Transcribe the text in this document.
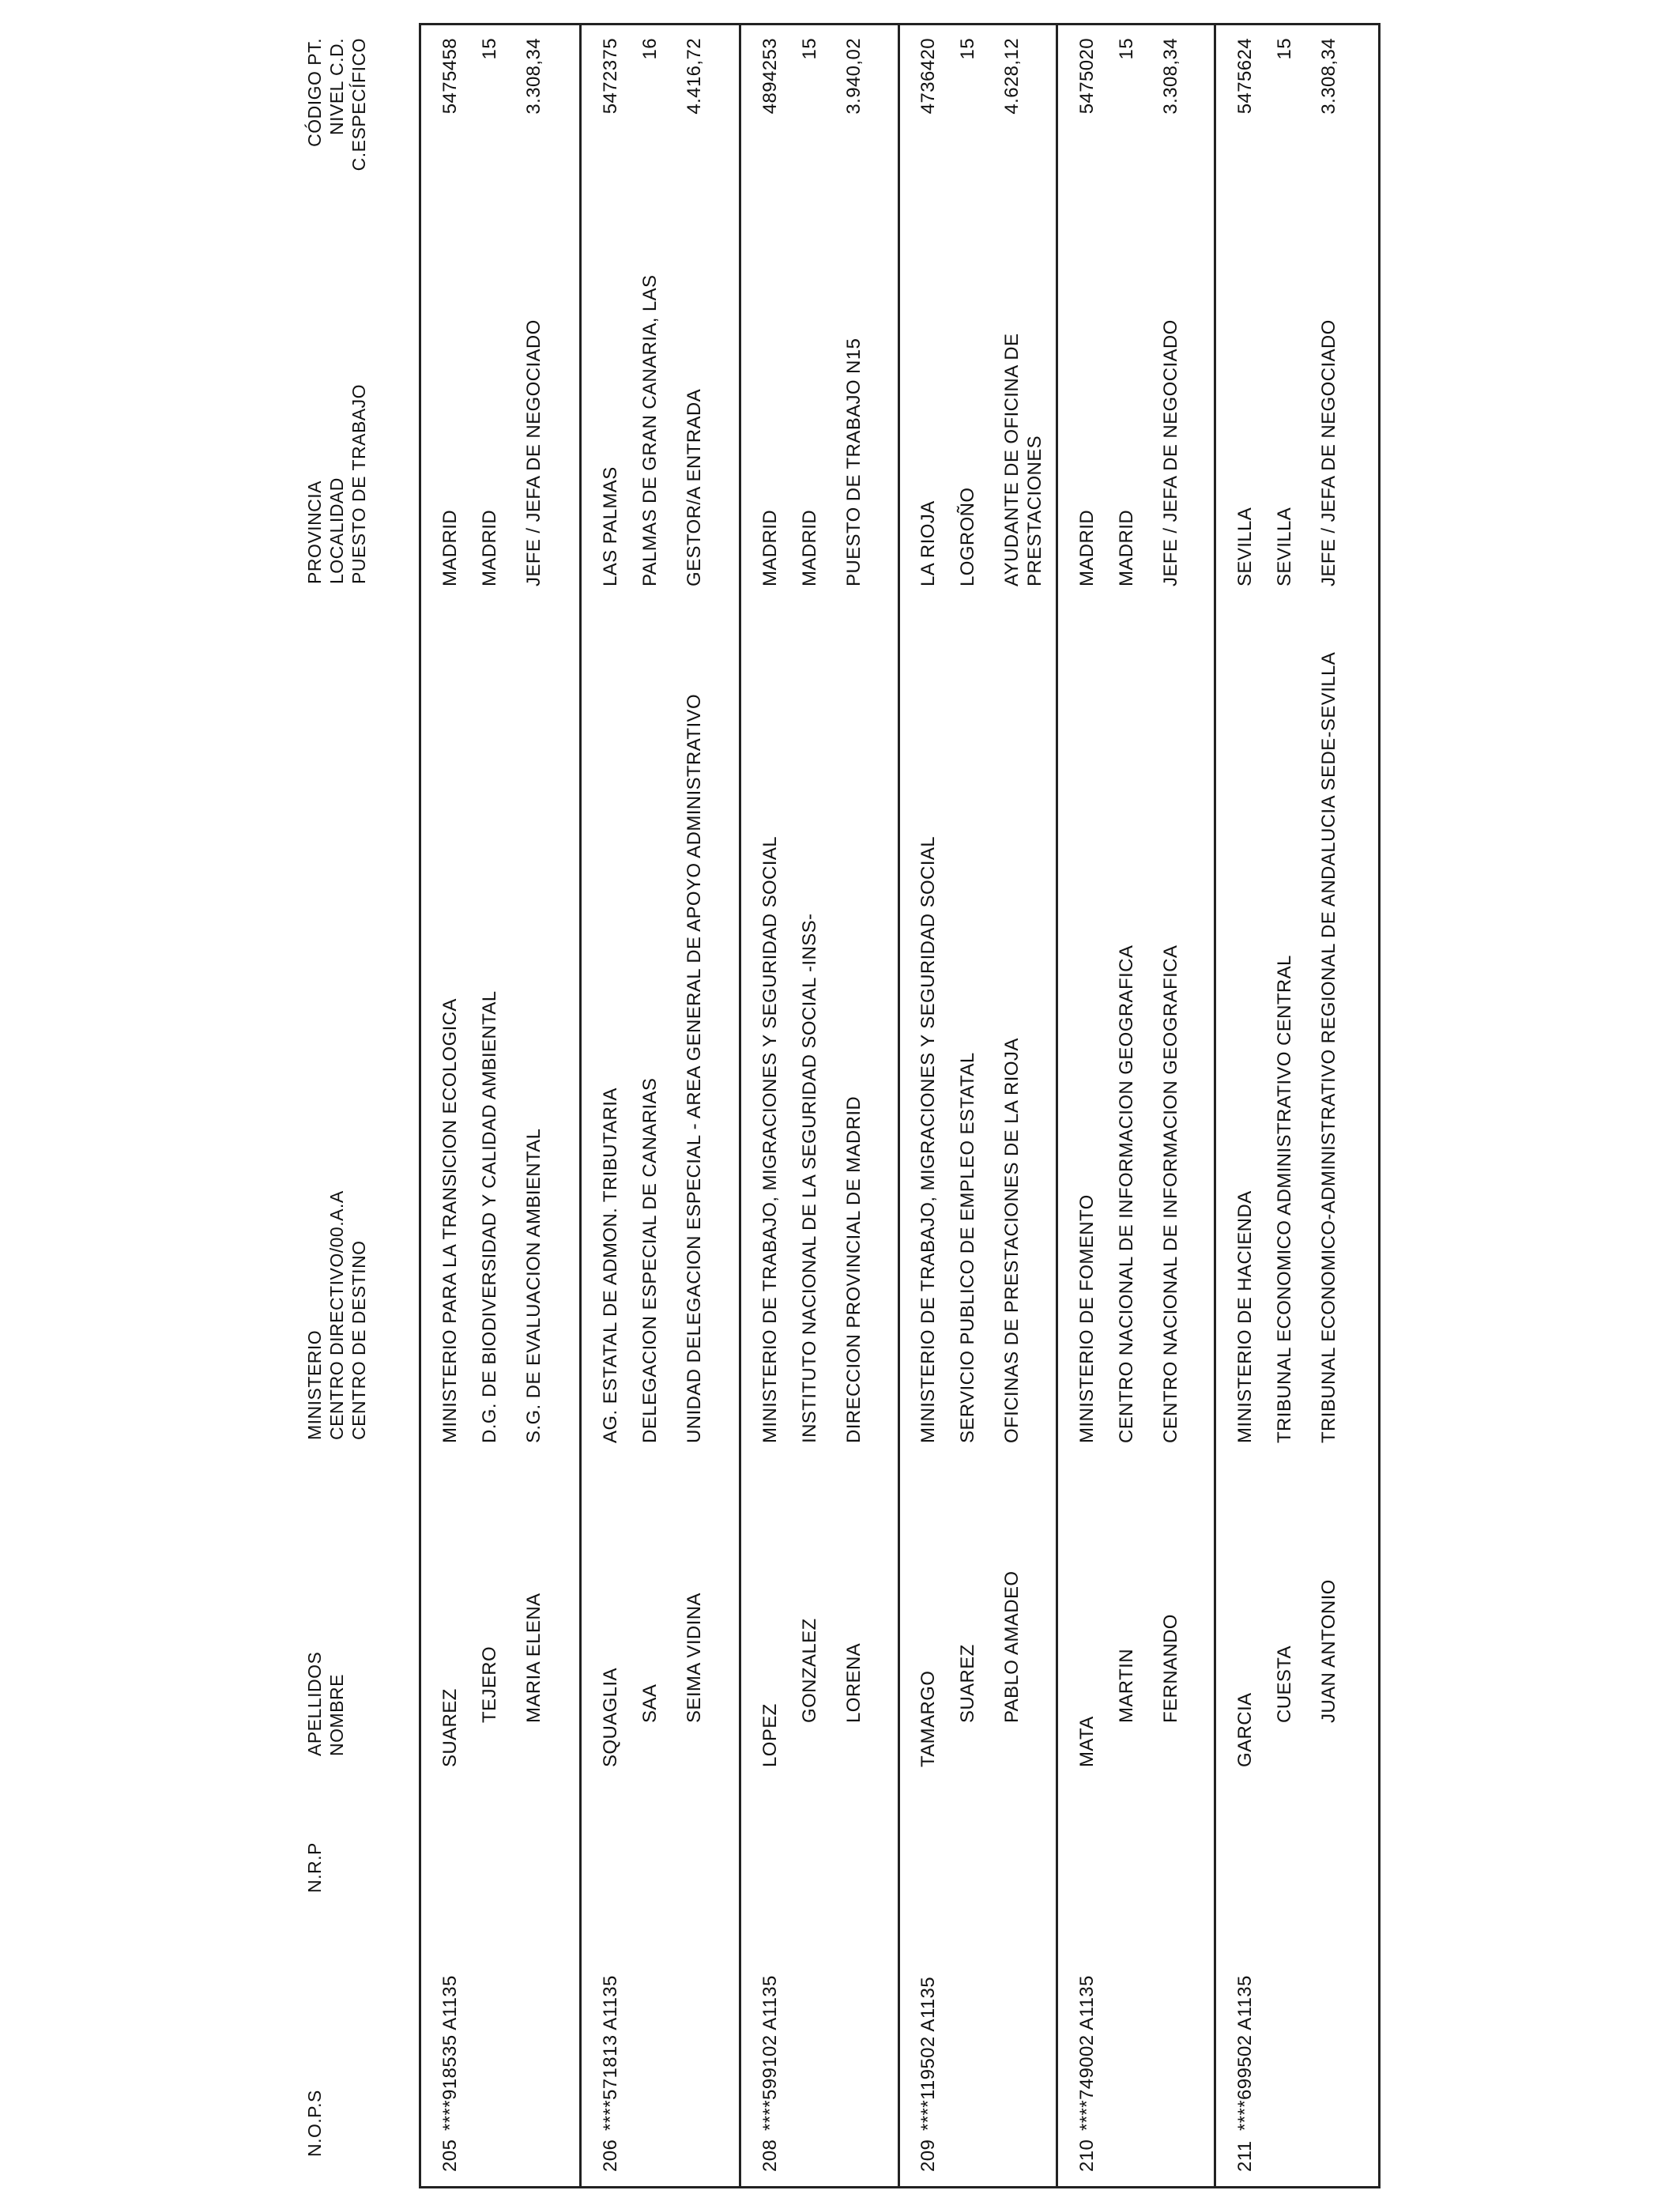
N.O.P.S
N.R.P
APELLIDOS NOMBRE
MINISTERIO CENTRO DIRECTIVO/00.A.A CENTRO DE DESTINO
PROVINCIA LOCALIDAD PUESTO DE TRABAJO
CÓDIGO PT. NIVEL C.D. C.ESPECÍFICO
205
****918535 A1135
SUAREZ
TEJERO MARIA ELENA
MINISTERIO PARA LA TRANSICION ECOLOGICA D.G. DE BIODIVERSIDAD Y CALIDAD AMBIENTAL S.G. DE EVALUACION AMBIENTAL
MADRID MADRID JEFE / JEFA DE NEGOCIADO
5475458 15 3.308,34
206
****571813 A1135
SQUAGLIA SAA SEIMA VIDINA
AG. ESTATAL DE ADMON. TRIBUTARIA DELEGACION ESPECIAL DE CANARIAS UNIDAD DELEGACION ESPECIAL - AREA GENERAL DE APOYO ADMINISTRATIVO
LAS PALMAS PALMAS DE GRAN CANARIA, LAS GESTOR/A ENTRADA
5472375 16 4.416,72
208
****599102 A1135
LOPEZ
GONZALEZ LORENA
MINISTERIO DE TRABAJO, MIGRACIONES Y SEGURIDAD SOCIAL INSTITUTO NACIONAL DE LA SEGURIDAD SOCIAL -INSS- DIRECCION PROVINCIAL DE MADRID
MADRID MADRID PUESTO DE TRABAJO N15
4894253 15 3.940,02
209
****119502 A1135
TAMARGO SUAREZ PABLO AMADEO
MINISTERIO DE TRABAJO, MIGRACIONES Y SEGURIDAD SOCIAL SERVICIO PUBLICO DE EMPLEO ESTATAL OFICINAS DE PRESTACIONES DE LA RIOJA
LA RIOJA LOGROÑO AYUDANTE DE OFICINA DE PRESTACIONES
4736420 15 4.628,12
210
****749002 A1135
MATA
MARTIN FERNANDO
MINISTERIO DE FOMENTO CENTRO NACIONAL DE INFORMACION GEOGRAFICA CENTRO NACIONAL DE INFORMACION GEOGRAFICA
MADRID MADRID JEFE / JEFA DE NEGOCIADO
5475020 15 3.308,34
211
****699502 A1135
GARCIA
CUESTA JUAN ANTONIO
MINISTERIO DE HACIENDA TRIBUNAL ECONOMICO ADMINISTRATIVO CENTRAL TRIBUNAL ECONOMICO-ADMINISTRATIVO REGIONAL DE ANDALUCIA SEDE-SEVILLA
SEVILLA SEVILLA JEFE / JEFA DE NEGOCIADO
5475624 15 3.308,34
